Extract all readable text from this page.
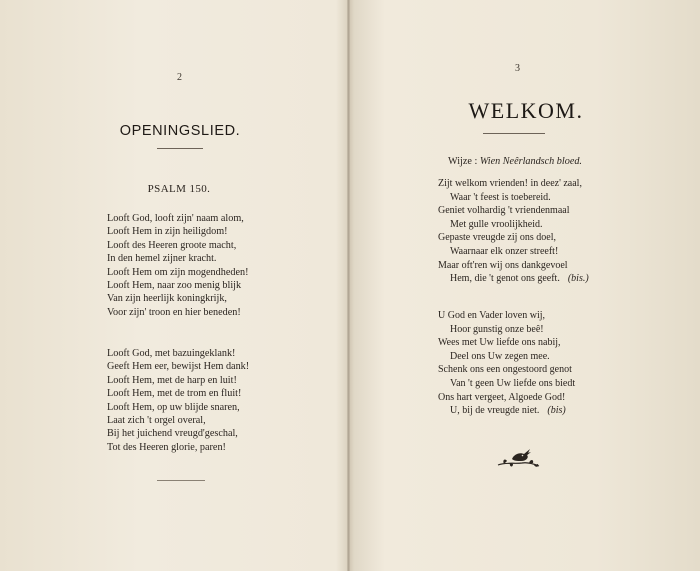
2
OPENINGSLIED.
PSALM 150.
Looft God, looft zijn' naam alom,
Looft Hem in zijn heiligdom!
Looft des Heeren groote macht,
In den hemel zijner kracht.
Looft Hem om zijn mogendheden!
Looft Hem, naar zoo menig blijk
Van zijn heerlijk koningkrijk,
Voor zijn' troon en hier beneden!
Looft God, met bazuingeklank!
Geeft Hem eer, bewijst Hem dank!
Looft Hem, met de harp en luit!
Looft Hem, met de trom en fluit!
Looft Hem, op uw blijde snaren,
Laat zich 't orgel overal,
Bij het juichend vreugd'geschal,
Tot des Heeren glorie, paren!
3
WELKOM.
Wijze : Wien Neêrlandsch bloed.
Zijt welkom vrienden! in deez' zaal,
Waar 't feest is toebereid.
Geniet volhardig 't vriendenmaal
Met gulle vroolijkheid.
Gepaste vreugde zij ons doel,
Waarnaar elk onzer streeft!
Maar oft'ren wij ons dankgevoel
Hem, die 't genot ons geeft. (bis.)
U God en Vader loven wij,
Hoor gunstig onze beê!
Wees met Uw liefde ons nabij,
Deel ons Uw zegen mee.
Schenk ons een ongestoord genot
Van 't geen Uw liefde ons biedt
Ons hart vergeet, Algoede God!
U, bij de vreugde niet. (bis)
